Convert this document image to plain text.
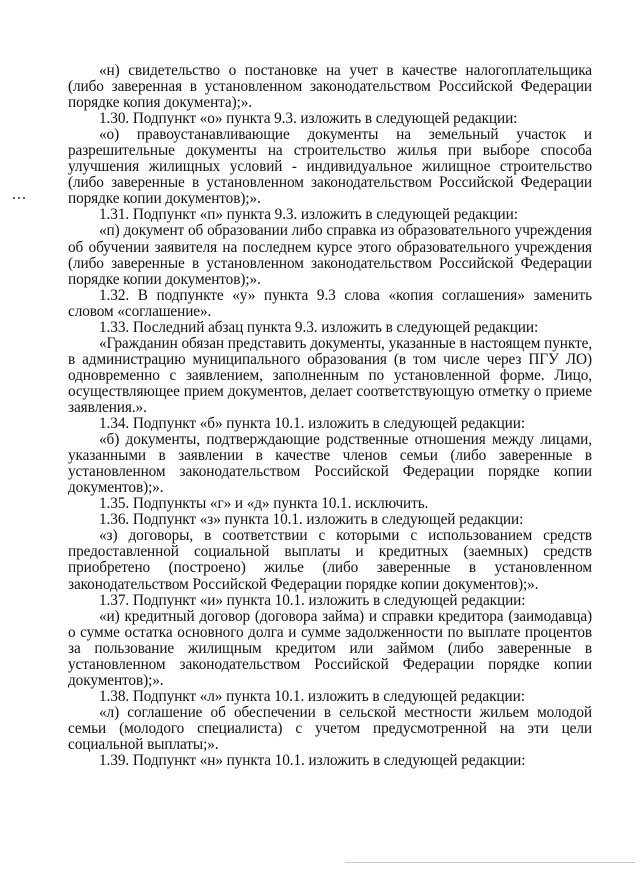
«н) свидетельство о постановке на учет в качестве налогоплательщика (либо заверенная в установленном законодательством Российской Федерации порядке копия документа);».

1.30. Подпункт «о» пункта 9.3. изложить в следующей редакции:

«о) правоустанавливающие документы на земельный участок и разрешительные документы на строительство жилья при выборе способа улучшения жилищных условий - индивидуальное жилищное строительство (либо заверенные в установленном законодательством Российской Федерации порядке копии документов);».

1.31. Подпункт «п» пункта 9.3. изложить в следующей редакции:

«п) документ об образовании либо справка из образовательного учреждения об обучении заявителя на последнем курсе этого образовательного учреждения (либо заверенные в установленном законодательством Российской Федерации порядке копии документов);».

1.32. В подпункте «у» пункта 9.3 слова «копия соглашения» заменить словом «соглашение».

1.33. Последний абзац пункта 9.3. изложить в следующей редакции:

«Гражданин обязан представить документы, указанные в настоящем пункте, в администрацию муниципального образования (в том числе через ПГУ ЛО) одновременно с заявлением, заполненным по установленной форме. Лицо, осуществляющее прием документов, делает соответствующую отметку о приеме заявления.».

1.34. Подпункт «б» пункта 10.1. изложить в следующей редакции:

«б) документы, подтверждающие родственные отношения между лицами, указанными в заявлении в качестве членов семьи (либо заверенные в установленном законодательством Российской Федерации порядке копии документов);».

1.35. Подпункты «г» и «д» пункта 10.1. исключить.

1.36. Подпункт «з» пункта 10.1. изложить в следующей редакции:

«з) договоры, в соответствии с которыми с использованием средств предоставленной социальной выплаты и кредитных (заемных) средств приобретено (построено) жилье (либо заверенные в установленном законодательством Российской Федерации порядке копии документов);».

1.37. Подпункт «и» пункта 10.1. изложить в следующей редакции:

«и) кредитный договор (договора займа) и справки кредитора (заимодавца) о сумме остатка основного долга и сумме задолженности по выплате процентов за пользование жилищным кредитом или займом (либо заверенные в установленном законодательством Российской Федерации порядке копии документов);».

1.38. Подпункт «л» пункта 10.1. изложить в следующей редакции:

«л) соглашение об обеспечении в сельской местности жильем молодой семьи (молодого специалиста) с учетом предусмотренной на эти цели социальной выплаты;».

1.39. Подпункт «н» пункта 10.1. изложить в следующей редакции:
